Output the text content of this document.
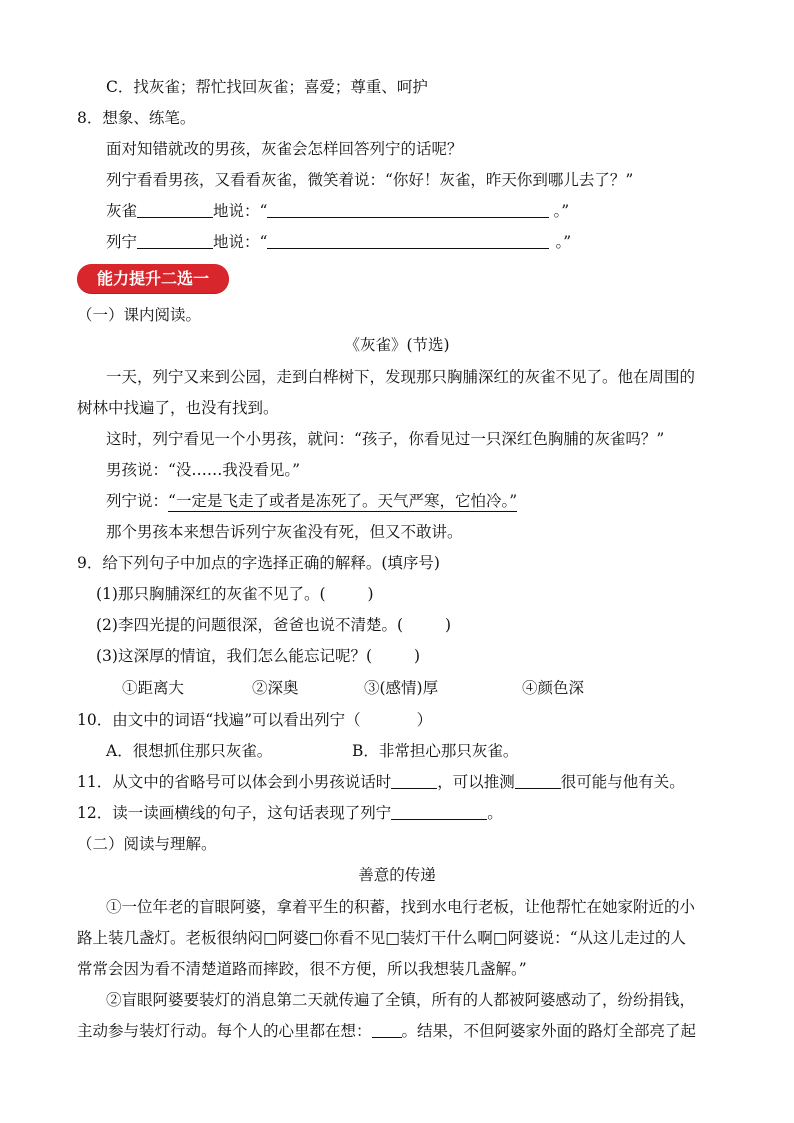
C．找灰雀；帮忙找回灰雀；喜爱；尊重、呵护
8．想象、练笔。
面对知错就改的男孩，灰雀会怎样回答列宁的话呢？
列宁看看男孩，又看看灰雀，微笑着说：“你好！灰雀，昨天你到哪儿去了？”
灰雀	地说：“	。”
列宁	地说：“	。”
能力提升二选一
（一）课内阅读。
《灰雀》(节选)
一天，列宁又来到公园，走到白桦树下，发现那只胸脯深红的灰雀不见了。他在周围的
树林中找遍了，也没有找到。
这时，列宁看见一个小男孩，就问：“孩子，你看见过一只深红色胸脯的灰雀吗？”
男孩说：“没……我没看见。”
列宁说：“一定是飞走了或者是冻死了。天气严寒，它怕冷。”
那个男孩本来想告诉列宁灰雀没有死，但又不敢讲。
9．给下列句子中加点的字选择正确的解释。(填序号)
(1)那只胸脯深红的灰雀不见了。(	)
(2)李四光提的问题很深，爸爸也说不清楚。(	)
(3)这深厚的情谊，我们怎么能忘记呢？(	)
①距离大	②深奥	③(感情)厚	④颜色深
10．由文中的词语“找遍”可以看出列宁（	）
A．很想抓住那只灰雀。	B．非常担心那只灰雀。
11．从文中的省略号可以体会到小男孩说话时	，可以推测	很可能与他有关。
12．读一读画横线的句子，这句话表现了列宁	。
（二）阅读与理解。
善意的传递
①一位年老的盲眼阿婆，拿着平生的积蓄，找到水电行老板，让他帮忙在她家附近的小
路上装几盏灯。老板很纳闷□阿婆□你看不见□装灯干什么啊□阿婆说：“从这儿走过的人
常常会因为看不清楚道路而摔跤，很不方便，所以我想装几盏解。”
②盲眼阿婆要装灯的消息第二天就传遍了全镇，所有的人都被阿婆感动了，纷纷捐钱，
主动参与装灯行动。每个人的心里都在想： 。结果，不但阿婆家外面的路灯全部亮了起
